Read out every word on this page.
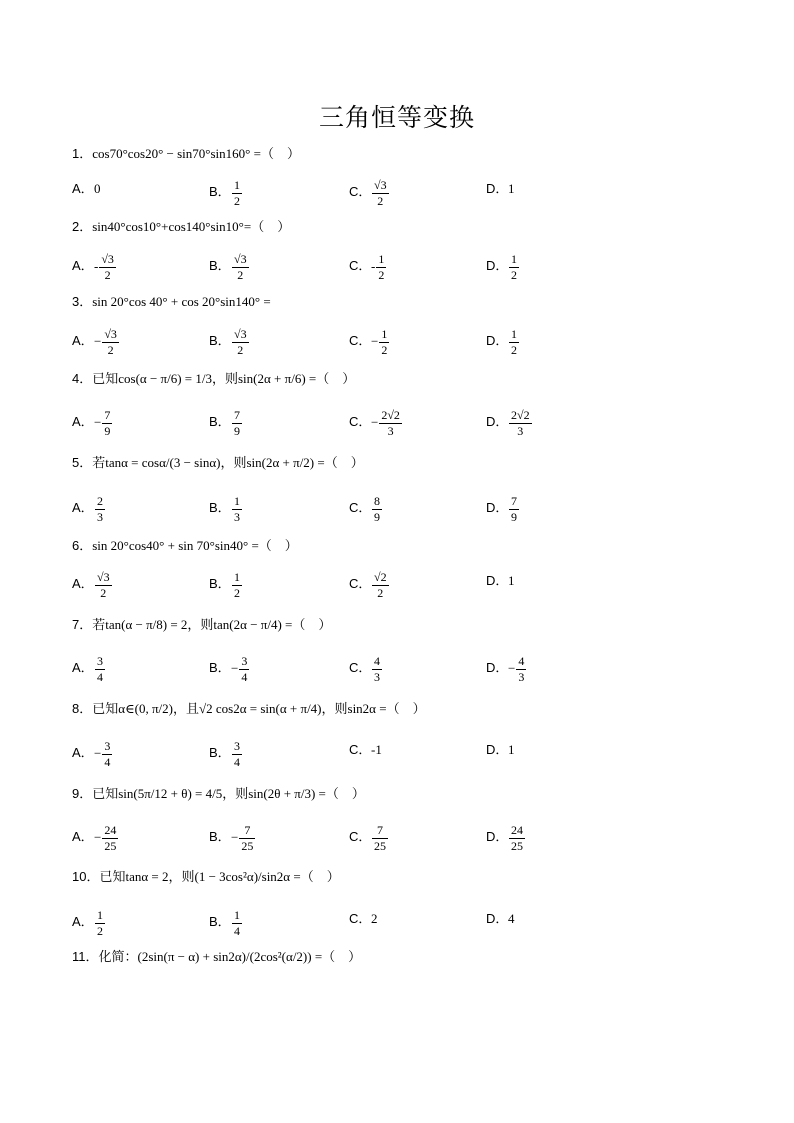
三角恒等变换
1．cos70°cos20° − sin70°sin160° =（　）
A．0	B． $\frac{1}{2}$	C． $\frac{√3}{2}$	D．1
2．sin40°cos10°+cos140°sin10°=（　）
A．- $\frac{√3}{2}$	B． $\frac{√3}{2}$	C．- $\frac{1}{2}$	D． $\frac{1}{2}$
3．sin 20°cos 40° + cos 20°sin140° =
A．− $\frac{√3}{2}$	B． $\frac{√3}{2}$	C．− $\frac{1}{2}$	D． $\frac{1}{2}$
4．已知cos(α − π/6) = 1/3，则sin(2α + π/6) =（　）
A．− $\frac{7}{9}$	B． $\frac{7}{9}$	C．− $\frac{2√2}{3}$	D． $\frac{2√2}{3}$
5．若tanα = cosα/(3 − sinα)，则sin(2α + π/2) =（　）
A． $\frac{2}{3}$	B． $\frac{1}{3}$	C． $\frac{8}{9}$	D． $\frac{7}{9}$
6．sin 20°cos40° + sin 70°sin40° =（　）
A． $\frac{√3}{2}$	B． $\frac{1}{2}$	C． $\frac{√2}{2}$	D．1
7．若tan(α − π/8) = 2，则tan(2α − π/4) =（　）
A． $\frac{3}{4}$	B．− $\frac{3}{4}$	C． $\frac{4}{3}$	D．− $\frac{4}{3}$
8．已知α∈(0, π/2)，且√2 cos2α = sin(α + π/4)，则sin2α =（　）
A．− $\frac{3}{4}$	B． $\frac{3}{4}$	C．-1	D．1
9．已知sin(5π/12 + θ) = 4/5，则sin(2θ + π/3) =（　）
A．− $\frac{24}{25}$	B．− $\frac{7}{25}$	C． $\frac{7}{25}$	D． $\frac{24}{25}$
10．已知tanα = 2，则(1 − 3cos²α)/sin2α =（　）
A． $\frac{1}{2}$	B． $\frac{1}{4}$	C．2	D．4
11．化简：(2sin(π − α) + sin2α)/(2cos²(α/2)) =（　）
